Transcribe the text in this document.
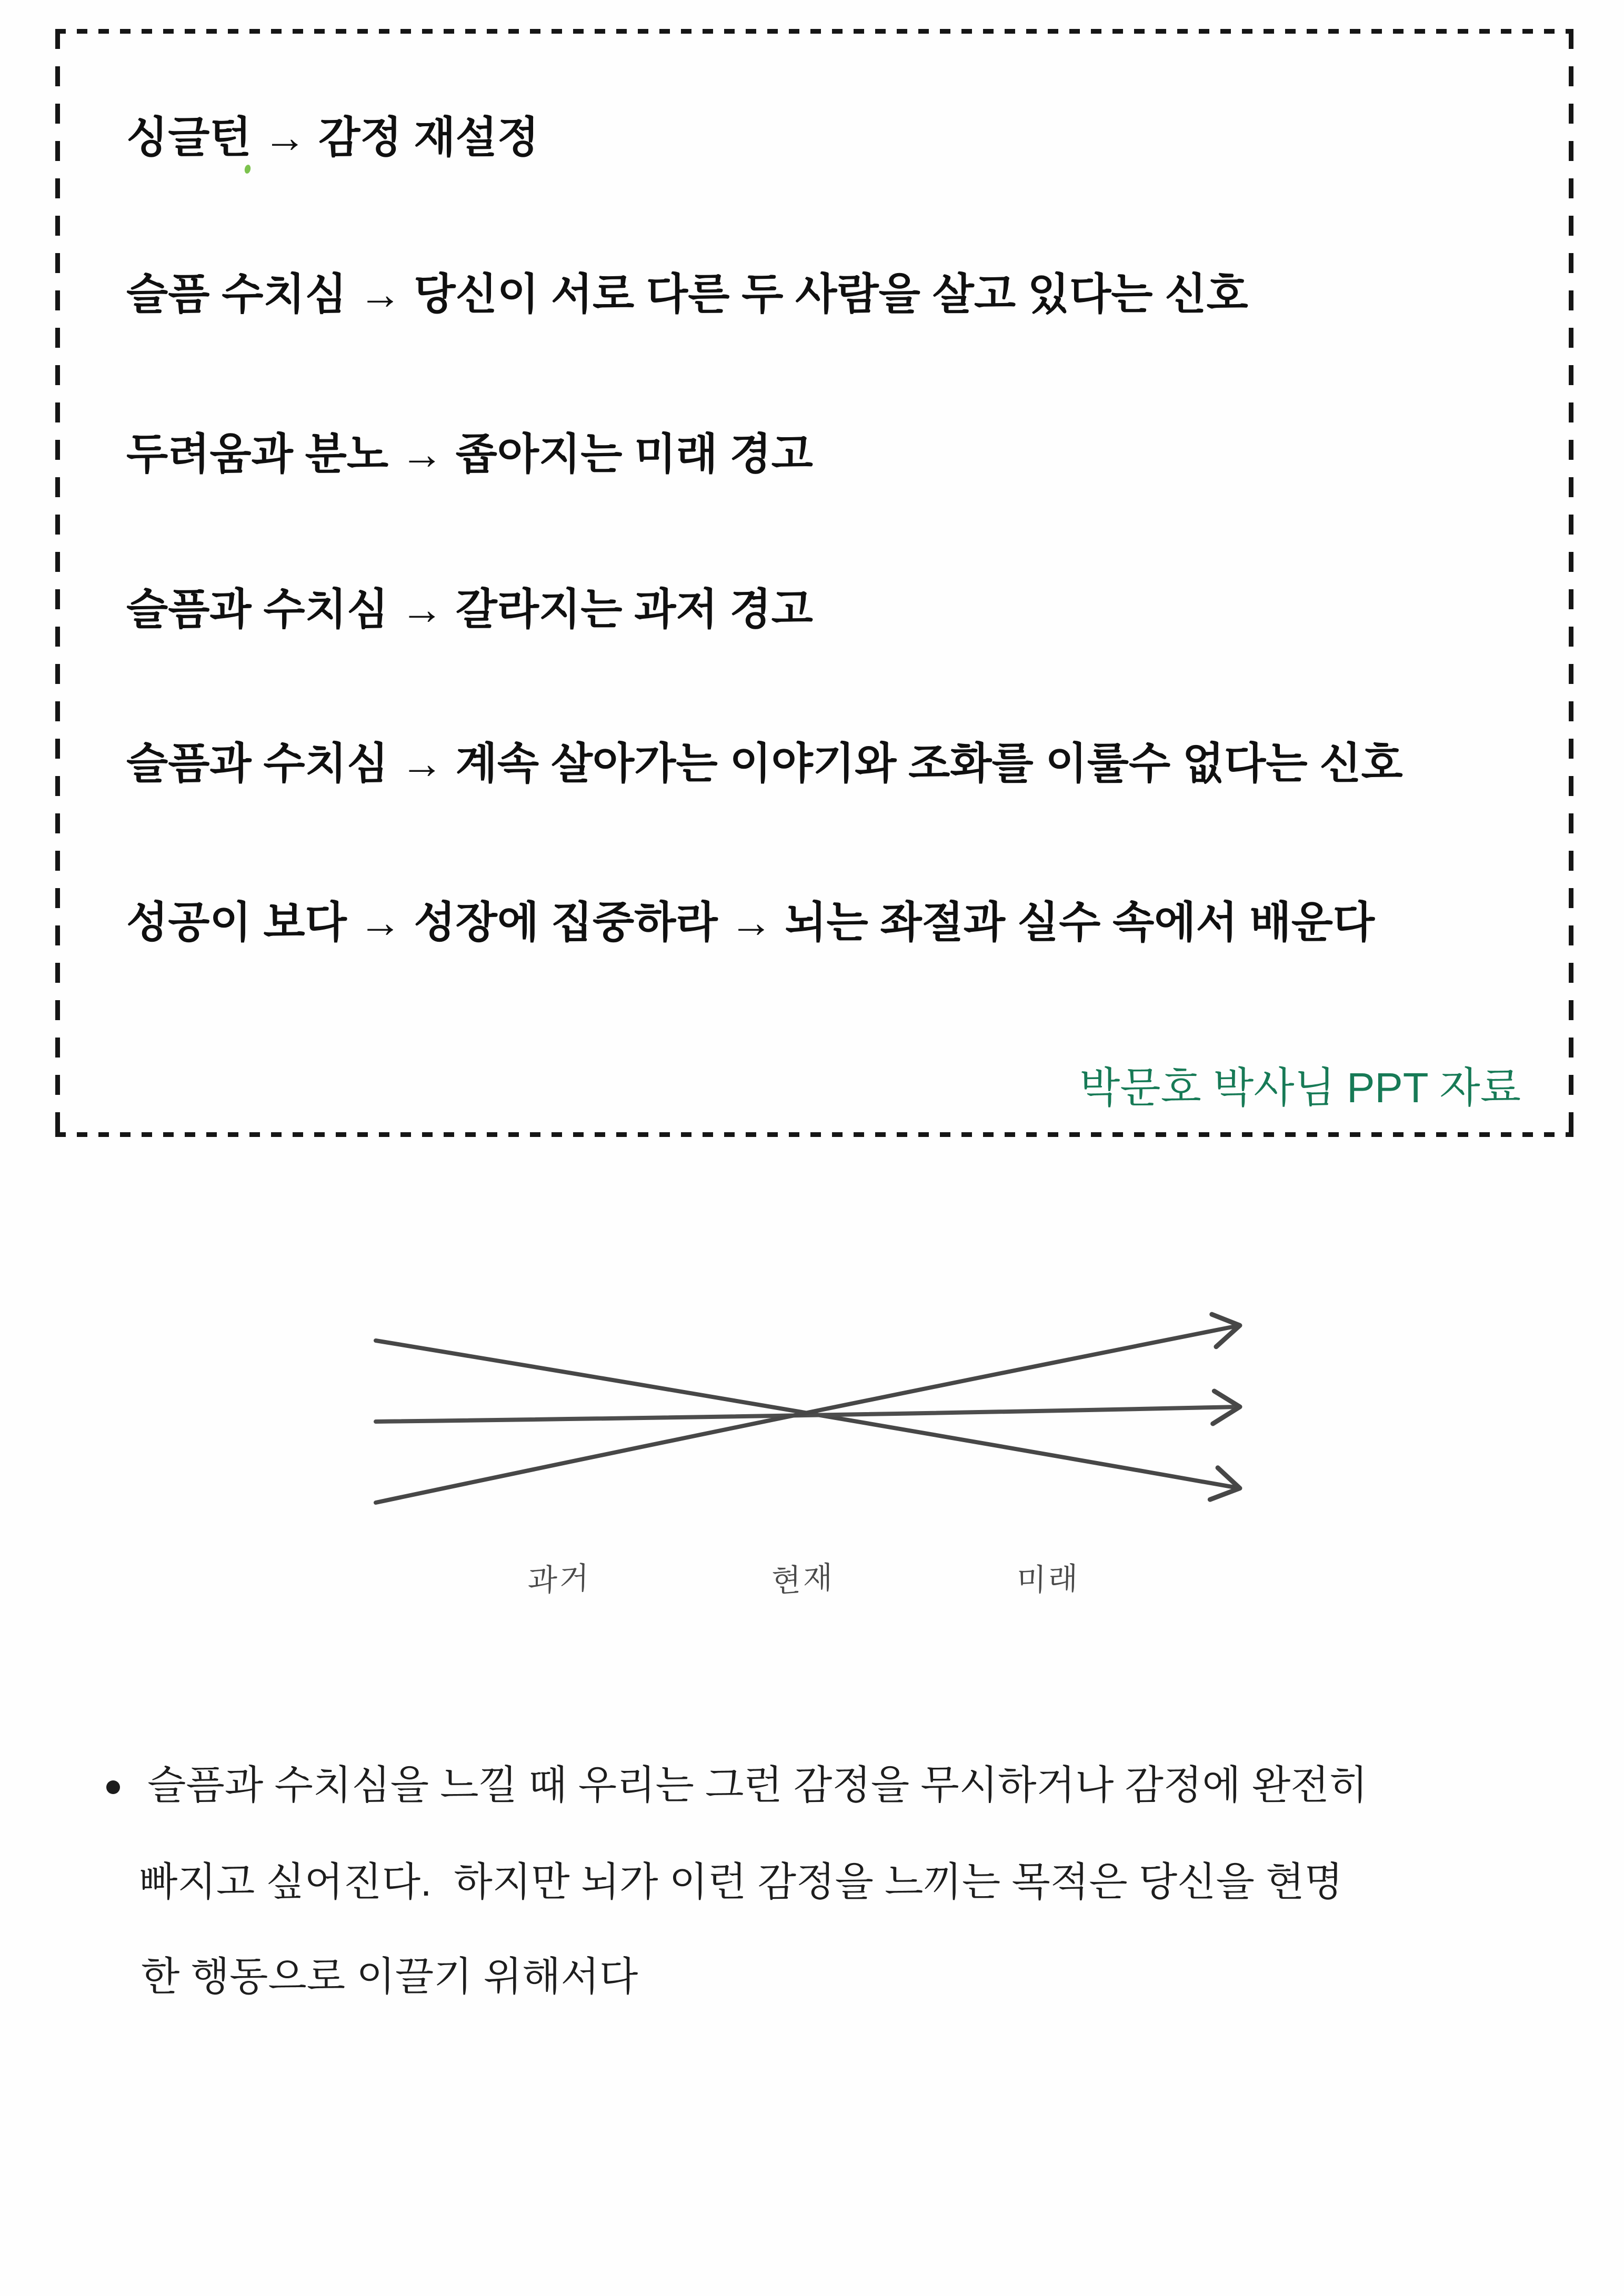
싱글턴 → 감정 재설정
슬픔 수치심 → 당신이 서로 다른 두 사람을 살고 있다는 신호
두려움과 분노 → 좁아지는 미래 경고
슬픔과 수치심 → 갈라지는 과저 경고
슬픔과 수치심 → 계속 살아가는 이야기와 조화를 이룰수 없다는 신호
성공이 보다 → 성장에 집중하라 → 뇌는 좌절과 실수 속에서 배운다
박문호 박사님 PPT 자료
과거	현재	미래
슬픔과 수치심을 느낄 때 우리는 그런 감정을 무시하거나 감정에 완전히
빠지고 싶어진다.  하지만 뇌가 이런 감정을 느끼는 목적은 당신을 현명
한 행동으로 이끌기 위해서다
